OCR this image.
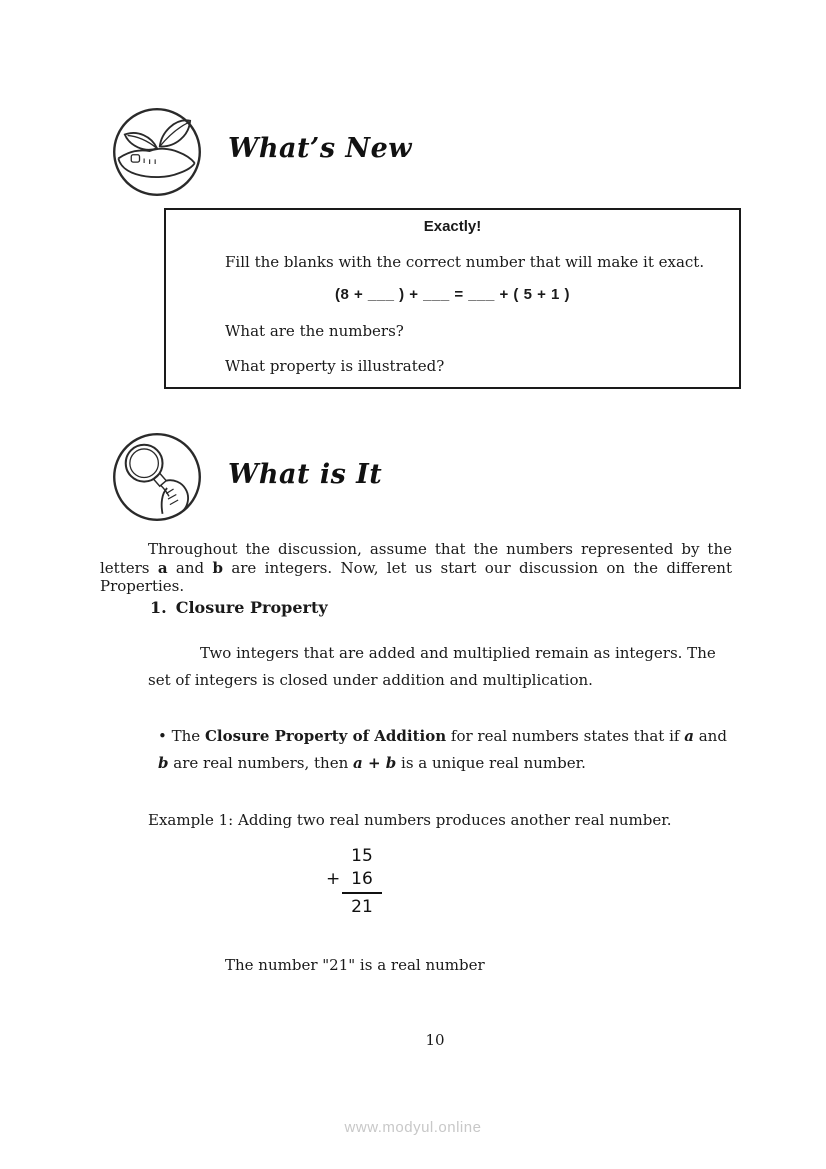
What’s New
Exactly!
Fill the blanks with the correct number that will make it exact.
(8 + ___ ) + ___ = ___ + ( 5 + 1 )
What are the numbers?
What property is illustrated?
What is It

Throughout the discussion, assume that the numbers represented by the letters a and b are integers. Now, let us start our discussion on the different Properties.

1. Closure Property

Two integers that are added and multiplied remain as integers. The set of integers is closed under addition and multiplication.

• The Closure Property of Addition for real numbers states that if a and b are real numbers, then a + b is a unique real number.

Example 1: Adding two real numbers produces another real number.
15
+ 16
21
The number "21" is a real number
10
www.modyul.online
